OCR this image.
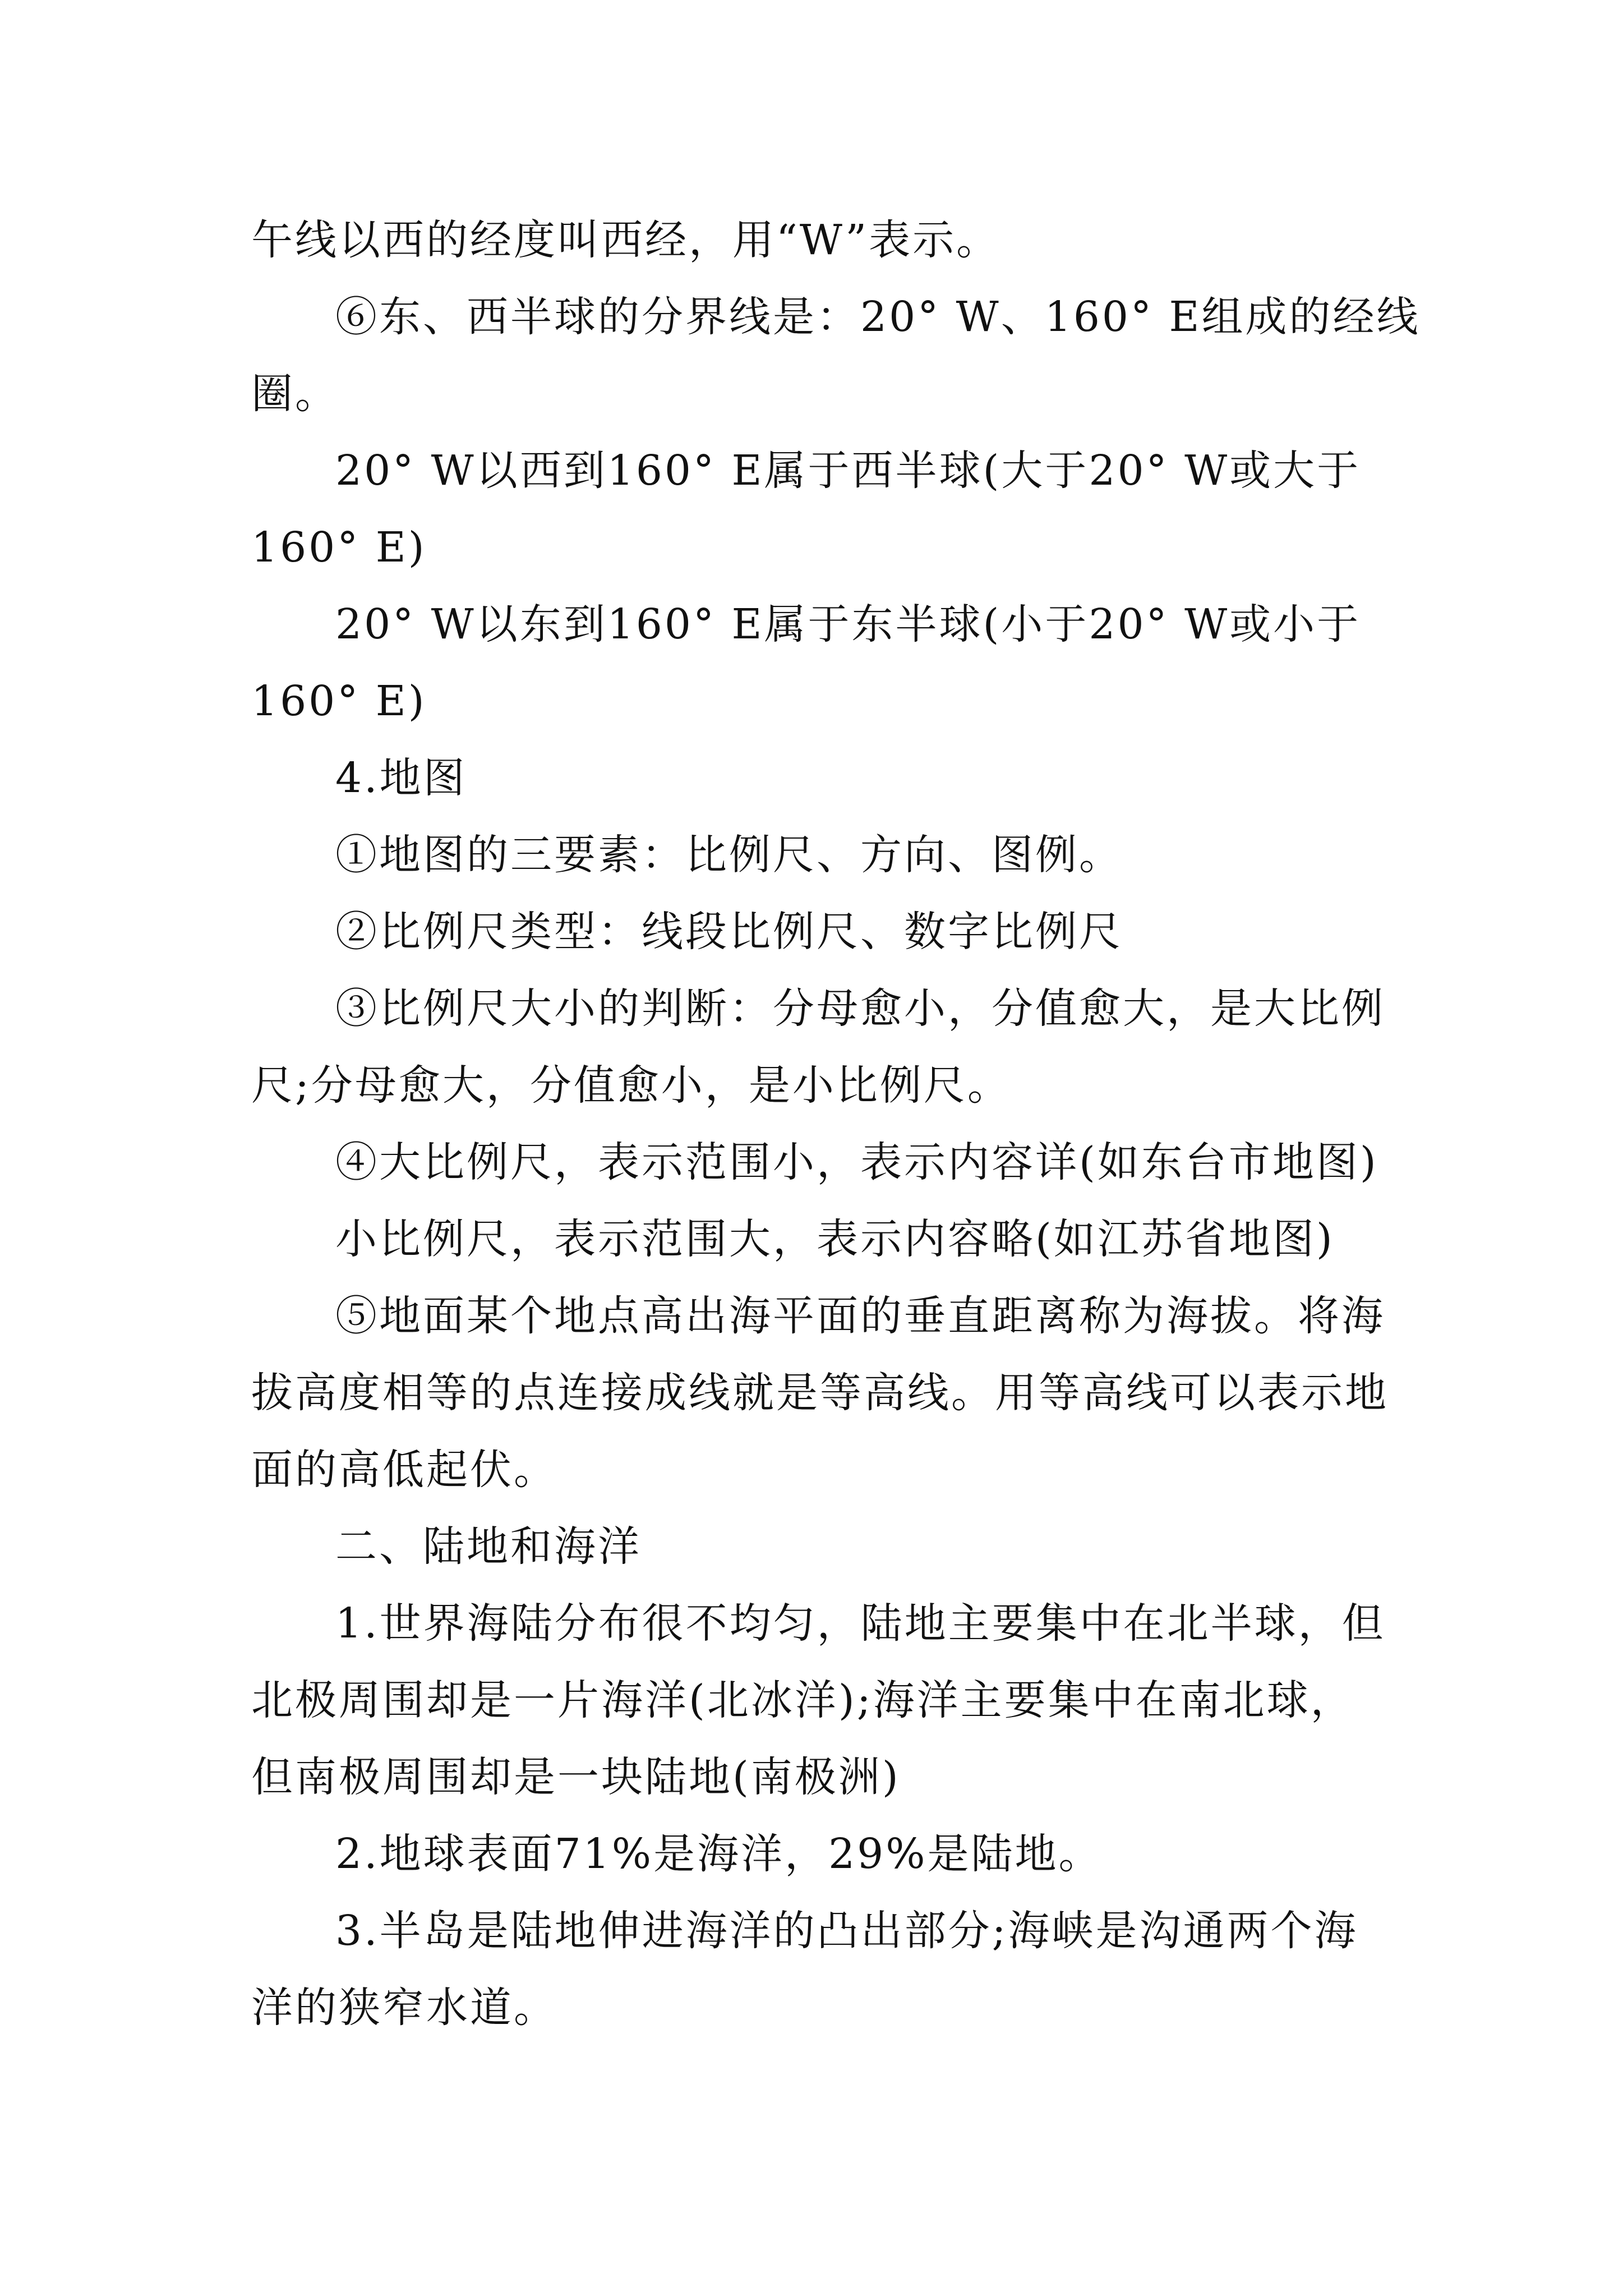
午线以西的经度叫西经，用“W”表示。

⑥东、西半球的分界线是：20° W、160° E组成的经线
圈。

20° W以西到160° E属于西半球(大于20° W或大于
160° E)

20° W以东到160° E属于东半球(小于20° W或小于
160° E)

4.地图

①地图的三要素：比例尺、方向、图例。

②比例尺类型：线段比例尺、数字比例尺

③比例尺大小的判断：分母愈小，分值愈大，是大比例
尺;分母愈大，分值愈小，是小比例尺。

④大比例尺，表示范围小，表示内容详(如东台市地图)

小比例尺，表示范围大，表示内容略(如江苏省地图)

⑤地面某个地点高出海平面的垂直距离称为海拔。将海
拔高度相等的点连接成线就是等高线。用等高线可以表示地
面的高低起伏。

二、陆地和海洋

1.世界海陆分布很不均匀，陆地主要集中在北半球，但
北极周围却是一片海洋(北冰洋);海洋主要集中在南北球，
但南极周围却是一块陆地(南极洲)

2.地球表面71%是海洋，29%是陆地。

3.半岛是陆地伸进海洋的凸出部分;海峡是沟通两个海
洋的狭窄水道。
